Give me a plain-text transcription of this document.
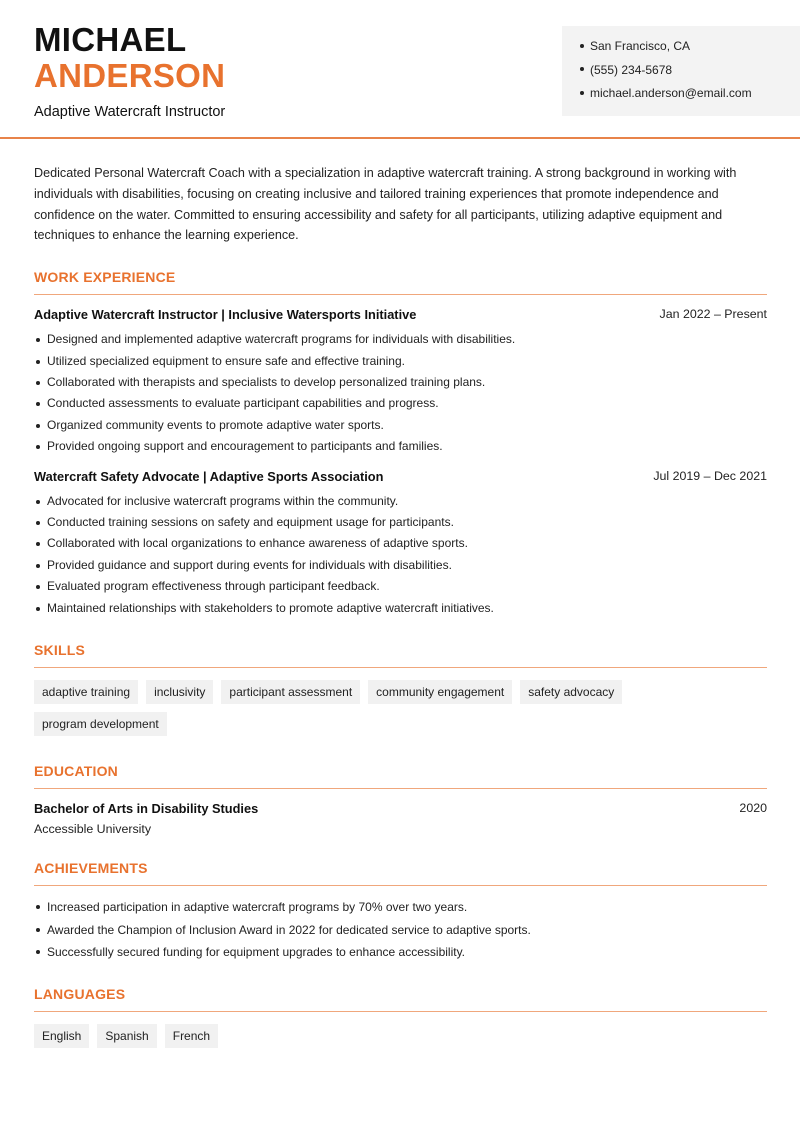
MICHAEL
ANDERSON
Adaptive Watercraft Instructor
San Francisco, CA
(555) 234-5678
michael.anderson@email.com

Dedicated Personal Watercraft Coach with a specialization in adaptive watercraft training. A strong background in working with individuals with disabilities, focusing on creating inclusive and tailored training experiences that promote independence and confidence on the water. Committed to ensuring accessibility and safety for all participants, utilizing adaptive equipment and techniques to enhance the learning experience.

WORK EXPERIENCE
Adaptive Watercraft Instructor | Inclusive Watersports Initiative	Jan 2022 – Present
Designed and implemented adaptive watercraft programs for individuals with disabilities.
Utilized specialized equipment to ensure safe and effective training.
Collaborated with therapists and specialists to develop personalized training plans.
Conducted assessments to evaluate participant capabilities and progress.
Organized community events to promote adaptive water sports.
Provided ongoing support and encouragement to participants and families.
Watercraft Safety Advocate | Adaptive Sports Association	Jul 2019 – Dec 2021
Advocated for inclusive watercraft programs within the community.
Conducted training sessions on safety and equipment usage for participants.
Collaborated with local organizations to enhance awareness of adaptive sports.
Provided guidance and support during events for individuals with disabilities.
Evaluated program effectiveness through participant feedback.
Maintained relationships with stakeholders to promote adaptive watercraft initiatives.
SKILLS
adaptive training	inclusivity	participant assessment	community engagement	safety advocacy
program development
EDUCATION
Bachelor of Arts in Disability Studies	2020
Accessible University
ACHIEVEMENTS
Increased participation in adaptive watercraft programs by 70% over two years.
Awarded the Champion of Inclusion Award in 2022 for dedicated service to adaptive sports.
Successfully secured funding for equipment upgrades to enhance accessibility.
LANGUAGES
English	Spanish	French
